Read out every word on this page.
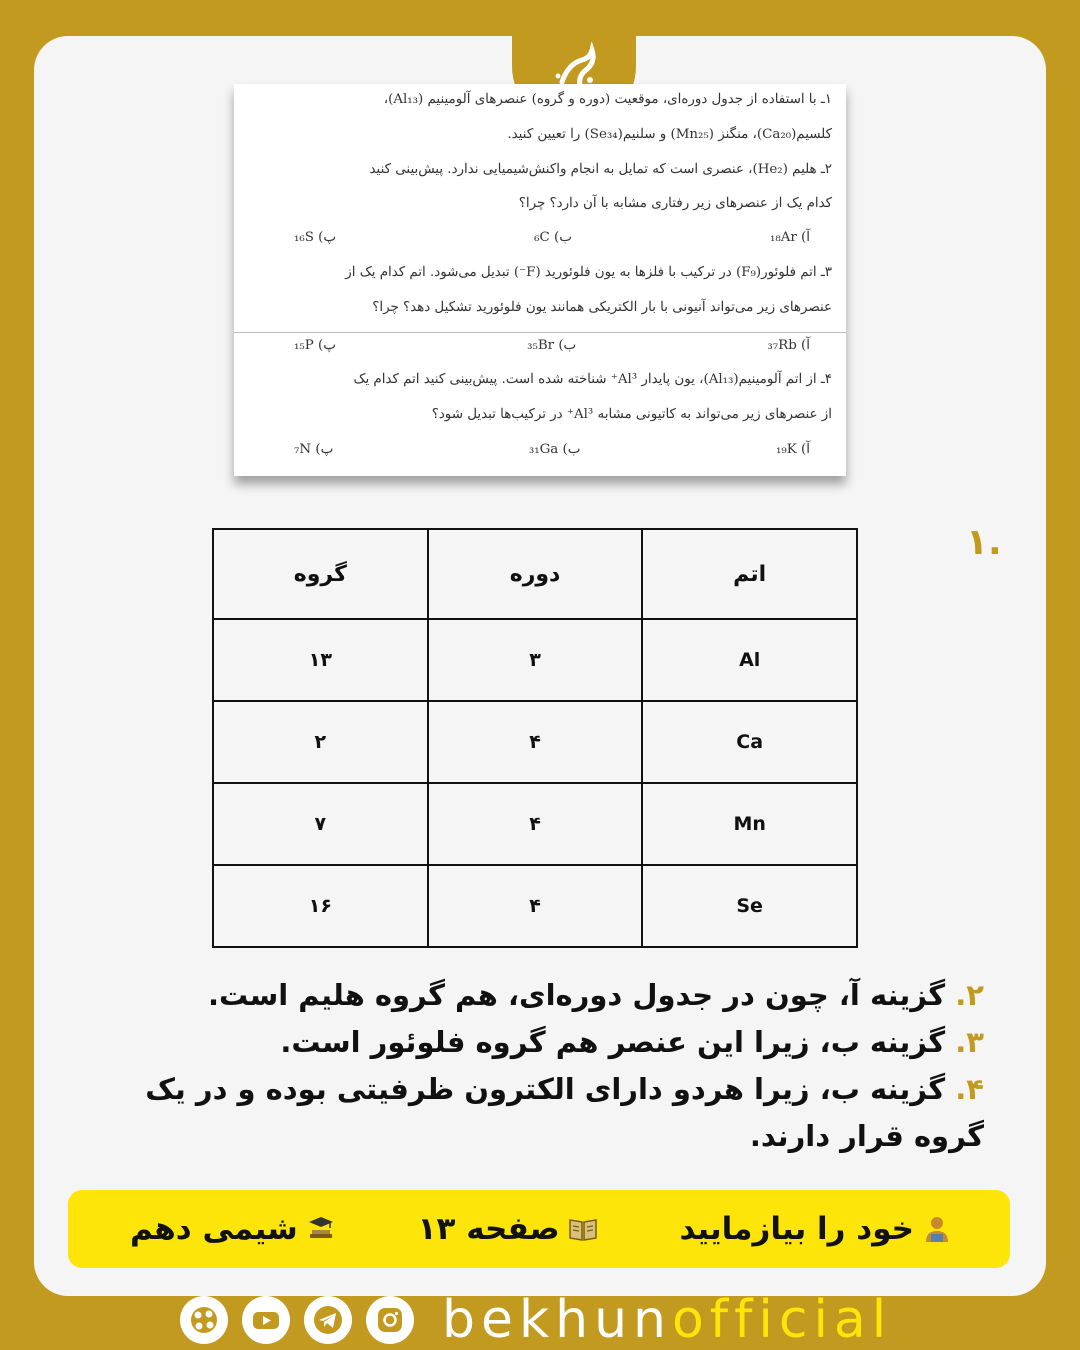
۱ـ با استفاده از جدول دوره‌ای، موقعیت (دوره و گروه) عنصرهای آلومینیم (Al₁₃)،
کلسیم(Ca₂₀)، منگنز (Mn₂₅) و سلنیم(Se₃₄) را تعیین کنید.
۲ـ هلیم (He₂)، عنصری است که تمایل به انجام واکنش‌شیمیایی ندارد. پیش‌بینی کنید
کدام یک از عنصرهای زیر رفتاری مشابه با آن دارد؟ چرا؟
آ) ₁₈Ar
ب) ₆C
پ) ₁₆S
۳ـ اتم فلوئور(F₉) در ترکیب با فلزها به یون فلوئورید (F⁻) تبدیل می‌شود. اتم کدام یک از
عنصرهای زیر می‌تواند آنیونی با بار الکتریکی همانند یون فلوئورید تشکیل دهد؟ چرا؟
آ) ₃₇Rb
ب) ₃₅Br
پ) ₁₅P
۴ـ از اتم آلومینیم(Al₁₃)، یون پایدار Al³⁺ شناخته شده است. پیش‌بینی کنید اتم کدام یک
از عنصرهای زیر می‌تواند به کاتیونی مشابه Al³⁺ در ترکیب‌ها تبدیل شود؟
آ) ₁₉K
ب) ₃₁Ga
پ) ₇N
۱.
اتم	دوره	گروه
Al	۳	۱۳
Ca	۴	۲
Mn	۴	۷
Se	۴	۱۶

۲. گزینه آ، چون در جدول دوره‌ای، هم گروه هلیم است.

۳. گزینه ب، زیرا این عنصر هم گروه فلوئور است.

۴. گزینه ب، زیرا هردو دارای الکترون ظرفیتی بوده و در یک گروه قرار دارند.

خود را بیازمایید
صفحه ۱۳
شیمی دهم
bekhunofficial
